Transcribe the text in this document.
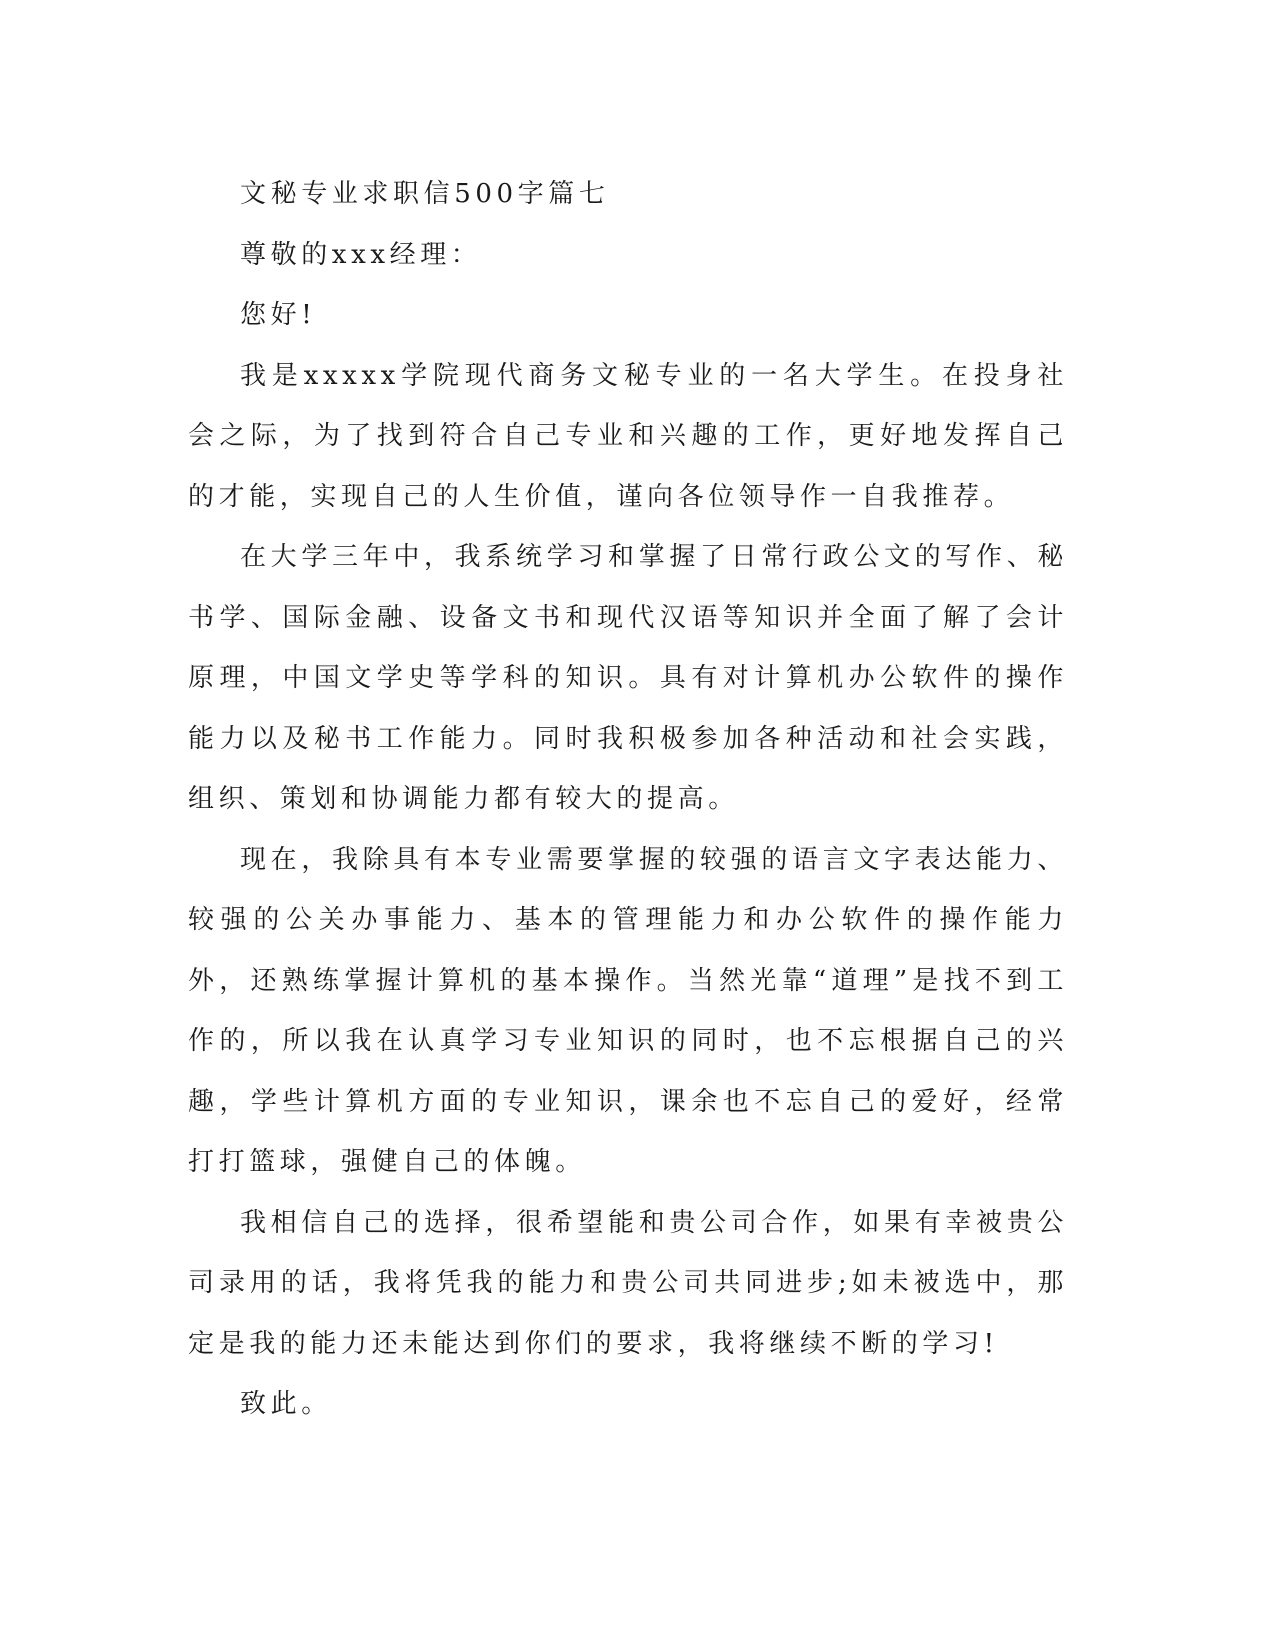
文秘专业求职信500字篇七

尊敬的xxx经理：

您好!

我是xxxxx学院现代商务文秘专业的一名大学生。在投身社会之际，为了找到符合自己专业和兴趣的工作，更好地发挥自己的才能，实现自己的人生价值，谨向各位领导作一自我推荐。

在大学三年中，我系统学习和掌握了日常行政公文的写作、秘书学、国际金融、设备文书和现代汉语等知识并全面了解了会计原理，中国文学史等学科的知识。具有对计算机办公软件的操作能力以及秘书工作能力。同时我积极参加各种活动和社会实践，组织、策划和协调能力都有较大的提高。

现在，我除具有本专业需要掌握的较强的语言文字表达能力、较强的公关办事能力、基本的管理能力和办公软件的操作能力外，还熟练掌握计算机的基本操作。当然光靠“道理”是找不到工作的，所以我在认真学习专业知识的同时，也不忘根据自己的兴趣，学些计算机方面的专业知识，课余也不忘自己的爱好，经常打打篮球，强健自己的体魄。

我相信自己的选择，很希望能和贵公司合作，如果有幸被贵公司录用的话，我将凭我的能力和贵公司共同进步;如未被选中，那定是我的能力还未能达到你们的要求，我将继续不断的学习!

致此。
